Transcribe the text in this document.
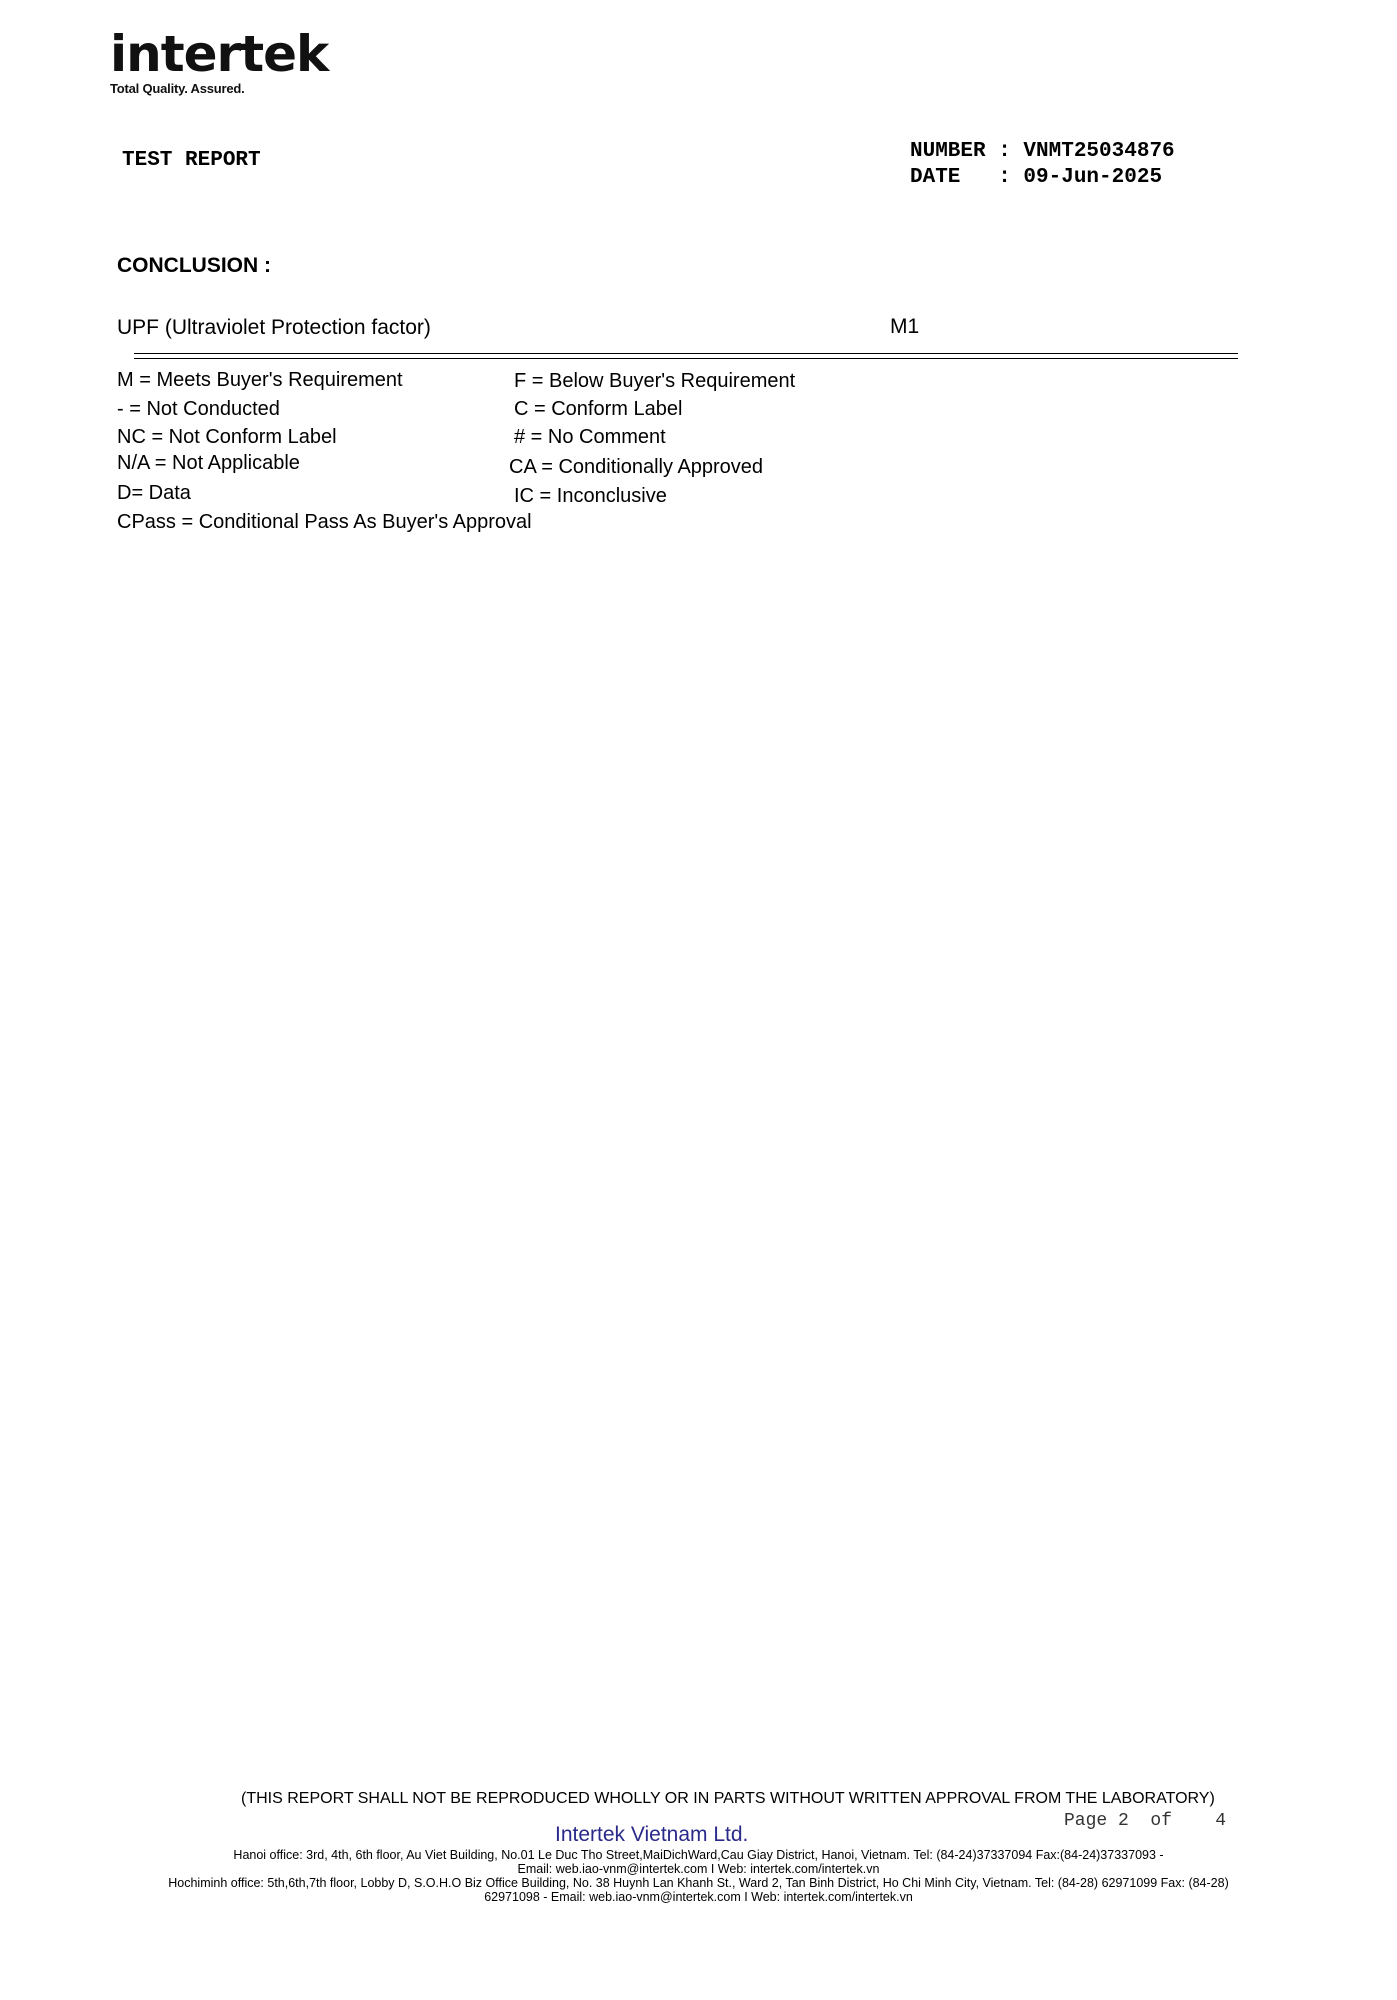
intertek
Total Quality. Assured.
TEST REPORT	NUMBER : VNMT25034876
DATE   : 09-Jun-2025
CONCLUSION :
UPF (Ultraviolet Protection factor)	M1
M = Meets Buyer's Requirement
- = Not Conducted
NC = Not Conform Label
N/A = Not Applicable
D= Data
CPass = Conditional Pass As Buyer's Approval
F = Below Buyer's Requirement
C = Conform Label
# = No Comment
CA = Conditionally Approved
IC = Inconclusive
(THIS REPORT SHALL NOT BE REPRODUCED WHOLLY OR IN PARTS WITHOUT WRITTEN APPROVAL FROM THE LABORATORY)
Page 2  of    4
Intertek Vietnam Ltd.
Hanoi office: 3rd, 4th, 6th floor, Au Viet Building, No.01 Le Duc Tho Street,MaiDichWard,Cau Giay District, Hanoi, Vietnam. Tel: (84-24)37337094 Fax:(84-24)37337093 -
Email: web.iao-vnm@intertek.com I Web: intertek.com/intertek.vn
Hochiminh office: 5th,6th,7th floor, Lobby D, S.O.H.O Biz Office Building, No. 38 Huynh Lan Khanh St., Ward 2, Tan Binh District, Ho Chi Minh City, Vietnam. Tel: (84-28) 62971099 Fax: (84-28)
62971098 - Email: web.iao-vnm@intertek.com I Web: intertek.com/intertek.vn
